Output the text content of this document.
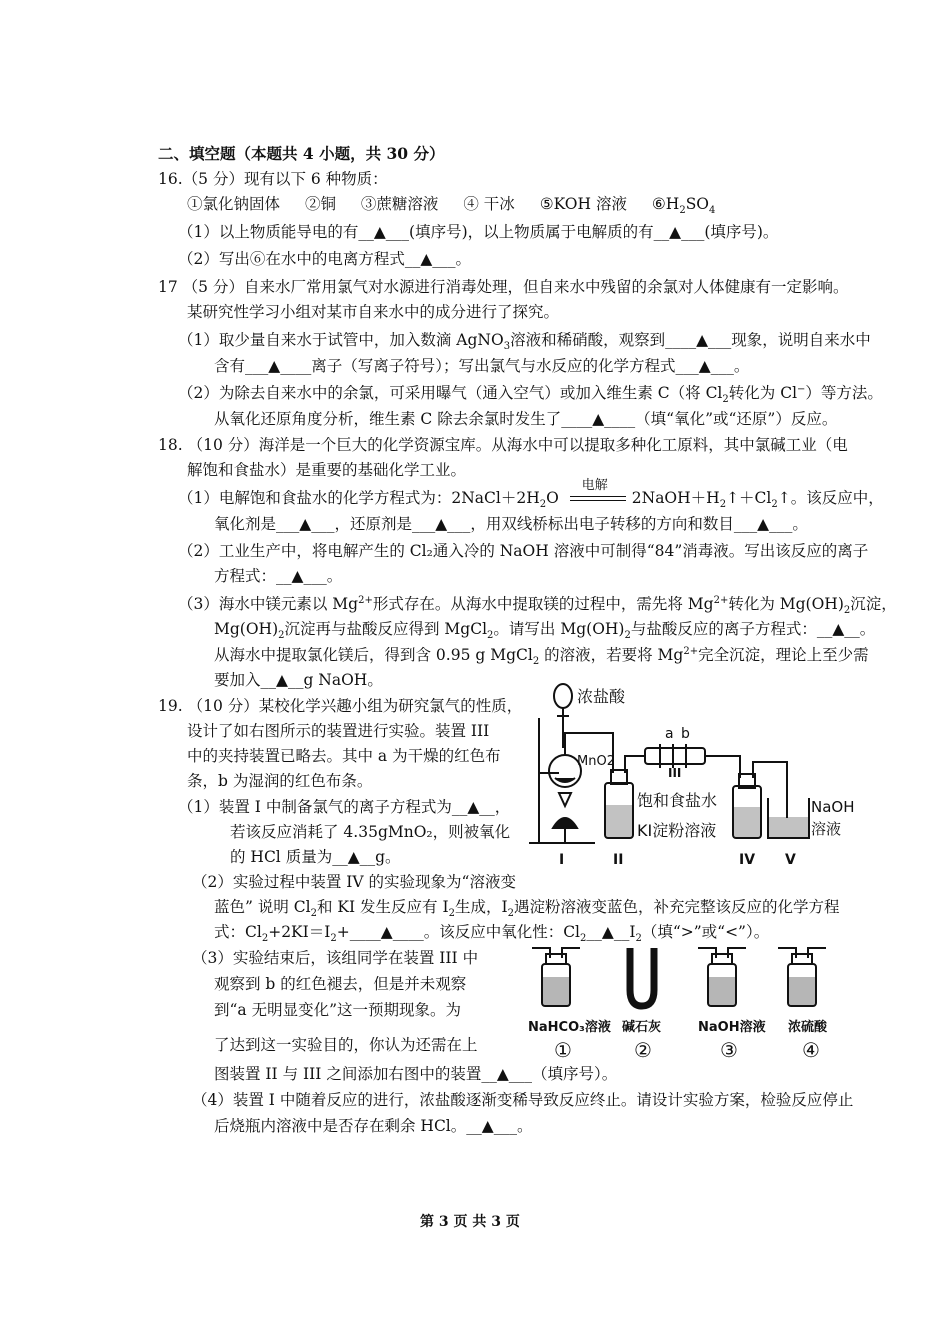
二、填空题（本题共 4 小题，共 30 分）
16.（5 分）现有以下 6 种物质：
①氯化钠固体 ②铜 ③蔗糖溶液 ④ 干冰 ⑤KOH 溶液 $⑥H_2SO_4$
（1）以上物质能导电的有__▲___(填序号)，以上物质属于电解质的有__▲___(填序号)。
（2）写出⑥在水中的电离方程式__▲___。
17 （5 分）自来水厂常用氯气对水源进行消毒处理，但自来水中残留的余氯对人体健康有一定影响。
某研究性学习小组对某市自来水中的成分进行了探究。
（1）取少量自来水于试管中，加入数滴 AgNO$_3$溶液和稀硝酸，观察到____▲___现象，说明自来水中
含有___▲____离子（写离子符号）；写出氯气与水反应的化学方程式___▲___。
（2）为除去自来水中的余氯，可采用曝气（通入空气）或加入维生素 C（将 $Cl_2$转化为 Cl−）等方法。
从氧化还原角度分析，维生素 C 除去余氯时发生了____▲____（填“氧化”或“还原”）反应。
18. （10 分）海洋是一个巨大的化学资源宝库。从海水中可以提取多种化工原料，其中氯碱工业（电
解饱和食盐水）是重要的基础化学工业。
（1）电解饱和食盐水的化学方程式为：$2NaCl+2H_2O$
电解
$2NaOH+H_2↑+Cl_2↑$。该反应中，
氧化剂是___▲___，还原剂是___▲___，用双线桥标出电子转移的方向和数目___▲___。
（2）工业生产中，将电解产生的 Cl₂通入冷的 NaOH 溶液中可制得“84”消毒液。写出该反应的离子
方程式：__▲___。
（3）海水中镁元素以 $Mg^{2+}$形式存在。从海水中提取镁的过程中，需先将 $Mg^{2+}$转化为 $Mg(OH)_2$沉淀，
$Mg(OH)_2$沉淀再与盐酸反应得到 MgCl$_2$。请写出 $Mg(OH)_2$与盐酸反应的离子方程式：__▲__。
从海水中提取氯化镁后，得到含 0.95 g MgCl$_2$ 的溶液，若要将 $Mg^{2+}$完全沉淀，理论上至少需
要加入__▲__g NaOH。
19. （10 分）某校化学兴趣小组为研究氯气的性质，
设计了如右图所示的装置进行实验。装置 III
中的夹持装置已略去。其中 a 为干燥的红色布
条，b 为湿润的红色布条。
（1）装置 I 中制备氯气的离子方程式为__▲__，
若该反应消耗了 4.35gMnO₂，则被氧化
的 HCl 质量为__▲__g。
（2）实验过程中装置 IV 的实验现象为“溶液变
蓝色” 说明 $Cl_2$和 KI 发生反应有 $I_2$生成，$I_2$遇淀粉溶液变蓝色，补充完整该反应的化学方程
式：$Cl_2+2KI=I_2+\_\_\_\_▲\_\_\_\_$。该反应中氧化性：$Cl_2\_\_▲\_\_I_2$（填“>”或“<”）。
（3）实验结束后，该组同学在装置 III 中
观察到 b 的红色褪去，但是并未观察
到“a 无明显变化”这一预期现象。为
了达到这一实验目的，你认为还需在上
图装置 II 与 III 之间添加右图中的装置__▲___（填序号）。
（4）装置 I 中随着反应的进行，浓盐酸逐渐变稀导致反应终止。请设计实验方案，检验反应停止
后烧瓶内溶液中是否存在剩余 HCl。__▲___。
浓盐酸
MnO2
a b
饱和食盐水
KI淀粉溶液
NaOH
溶液
I	II
III
IV V
NaHCO₃溶液 碱石灰	NaOH溶液 浓硫酸
①	②	③	④
第 3 页 共 3 页
